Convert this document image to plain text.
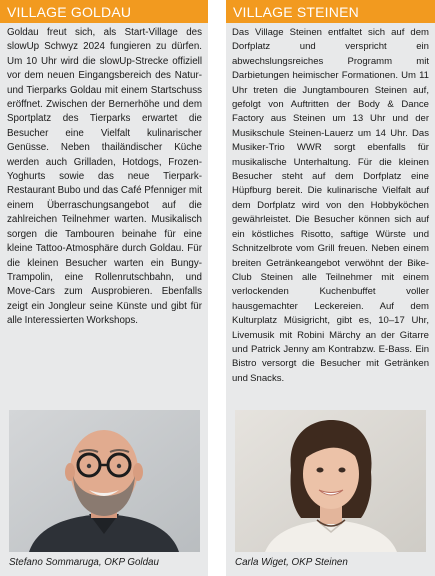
VILLAGE GOLDAU

Goldau freut sich, als Start-Village des slowUp Schwyz 2024 fungieren zu dürfen. Um 10 Uhr wird die slowUp-Strecke offiziell vor dem neuen Eingangsbereich des Natur- und Tierparks Goldau mit einem Startschuss eröffnet. Zwischen der Bernerhöhe und dem Sportplatz des Tierparks erwartet die Besucher eine Vielfalt kulinarischer Genüsse. Neben thailändischer Küche werden auch Grilladen, Hotdogs, Frozen-Yoghurts sowie das neue Tierpark-Restaurant Bubo und das Café Pfenniger mit einem Überraschungsangebot auf die zahlreichen Teilnehmer warten. Musikalisch sorgen die Tambouren beinahe für eine kleine Tattoo-Atmosphäre durch Goldau. Für die kleinen Besucher warten ein Bungy-Trampolin, eine Rollenrutschbahn, und Move-Cars zum Ausprobieren. Ebenfalls zeigt ein Jongleur seine Künste und gibt für alle Interessierten Workshops.

Stefano Sommaruga, OKP Goldau
VILLAGE STEINEN

Das Village Steinen entfaltet sich auf dem Dorfplatz und verspricht ein abwechslungsreiches Programm mit Darbietungen heimischer Formationen. Um 11 Uhr treten die Jungtambouren Steinen auf, gefolgt von Auftritten der Body & Dance Factory aus Steinen um 13 Uhr und der Musikschule Steinen-Lauerz um 14 Uhr. Das Musiker-Trio WWR sorgt ebenfalls für musikalische Unterhaltung. Für die kleinen Besucher steht auf dem Dorfplatz eine Hüpfburg bereit. Die kulinarische Vielfalt auf dem Dorfplatz wird von den Hobbyköchen gewährleistet. Die Besucher können sich auf ein köstliches Risotto, saftige Würste und Schnitzelbrote vom Grill freuen. Neben einem breiten Getränkeangebot verwöhnt der Bike-Club Steinen alle Teilnehmer mit einem verlockenden Kuchenbuffet voller hausgemachter Leckereien. Auf dem Kulturplatz Müsigricht, gibt es, 10–17 Uhr, Livemusik mit Robini Märchy an der Gitarre und Patrick Jenny am Kontrabzw. E-Bass. Ein Bistro versorgt die Besucher mit Getränken und Snacks.

Carla Wiget, OKP Steinen
